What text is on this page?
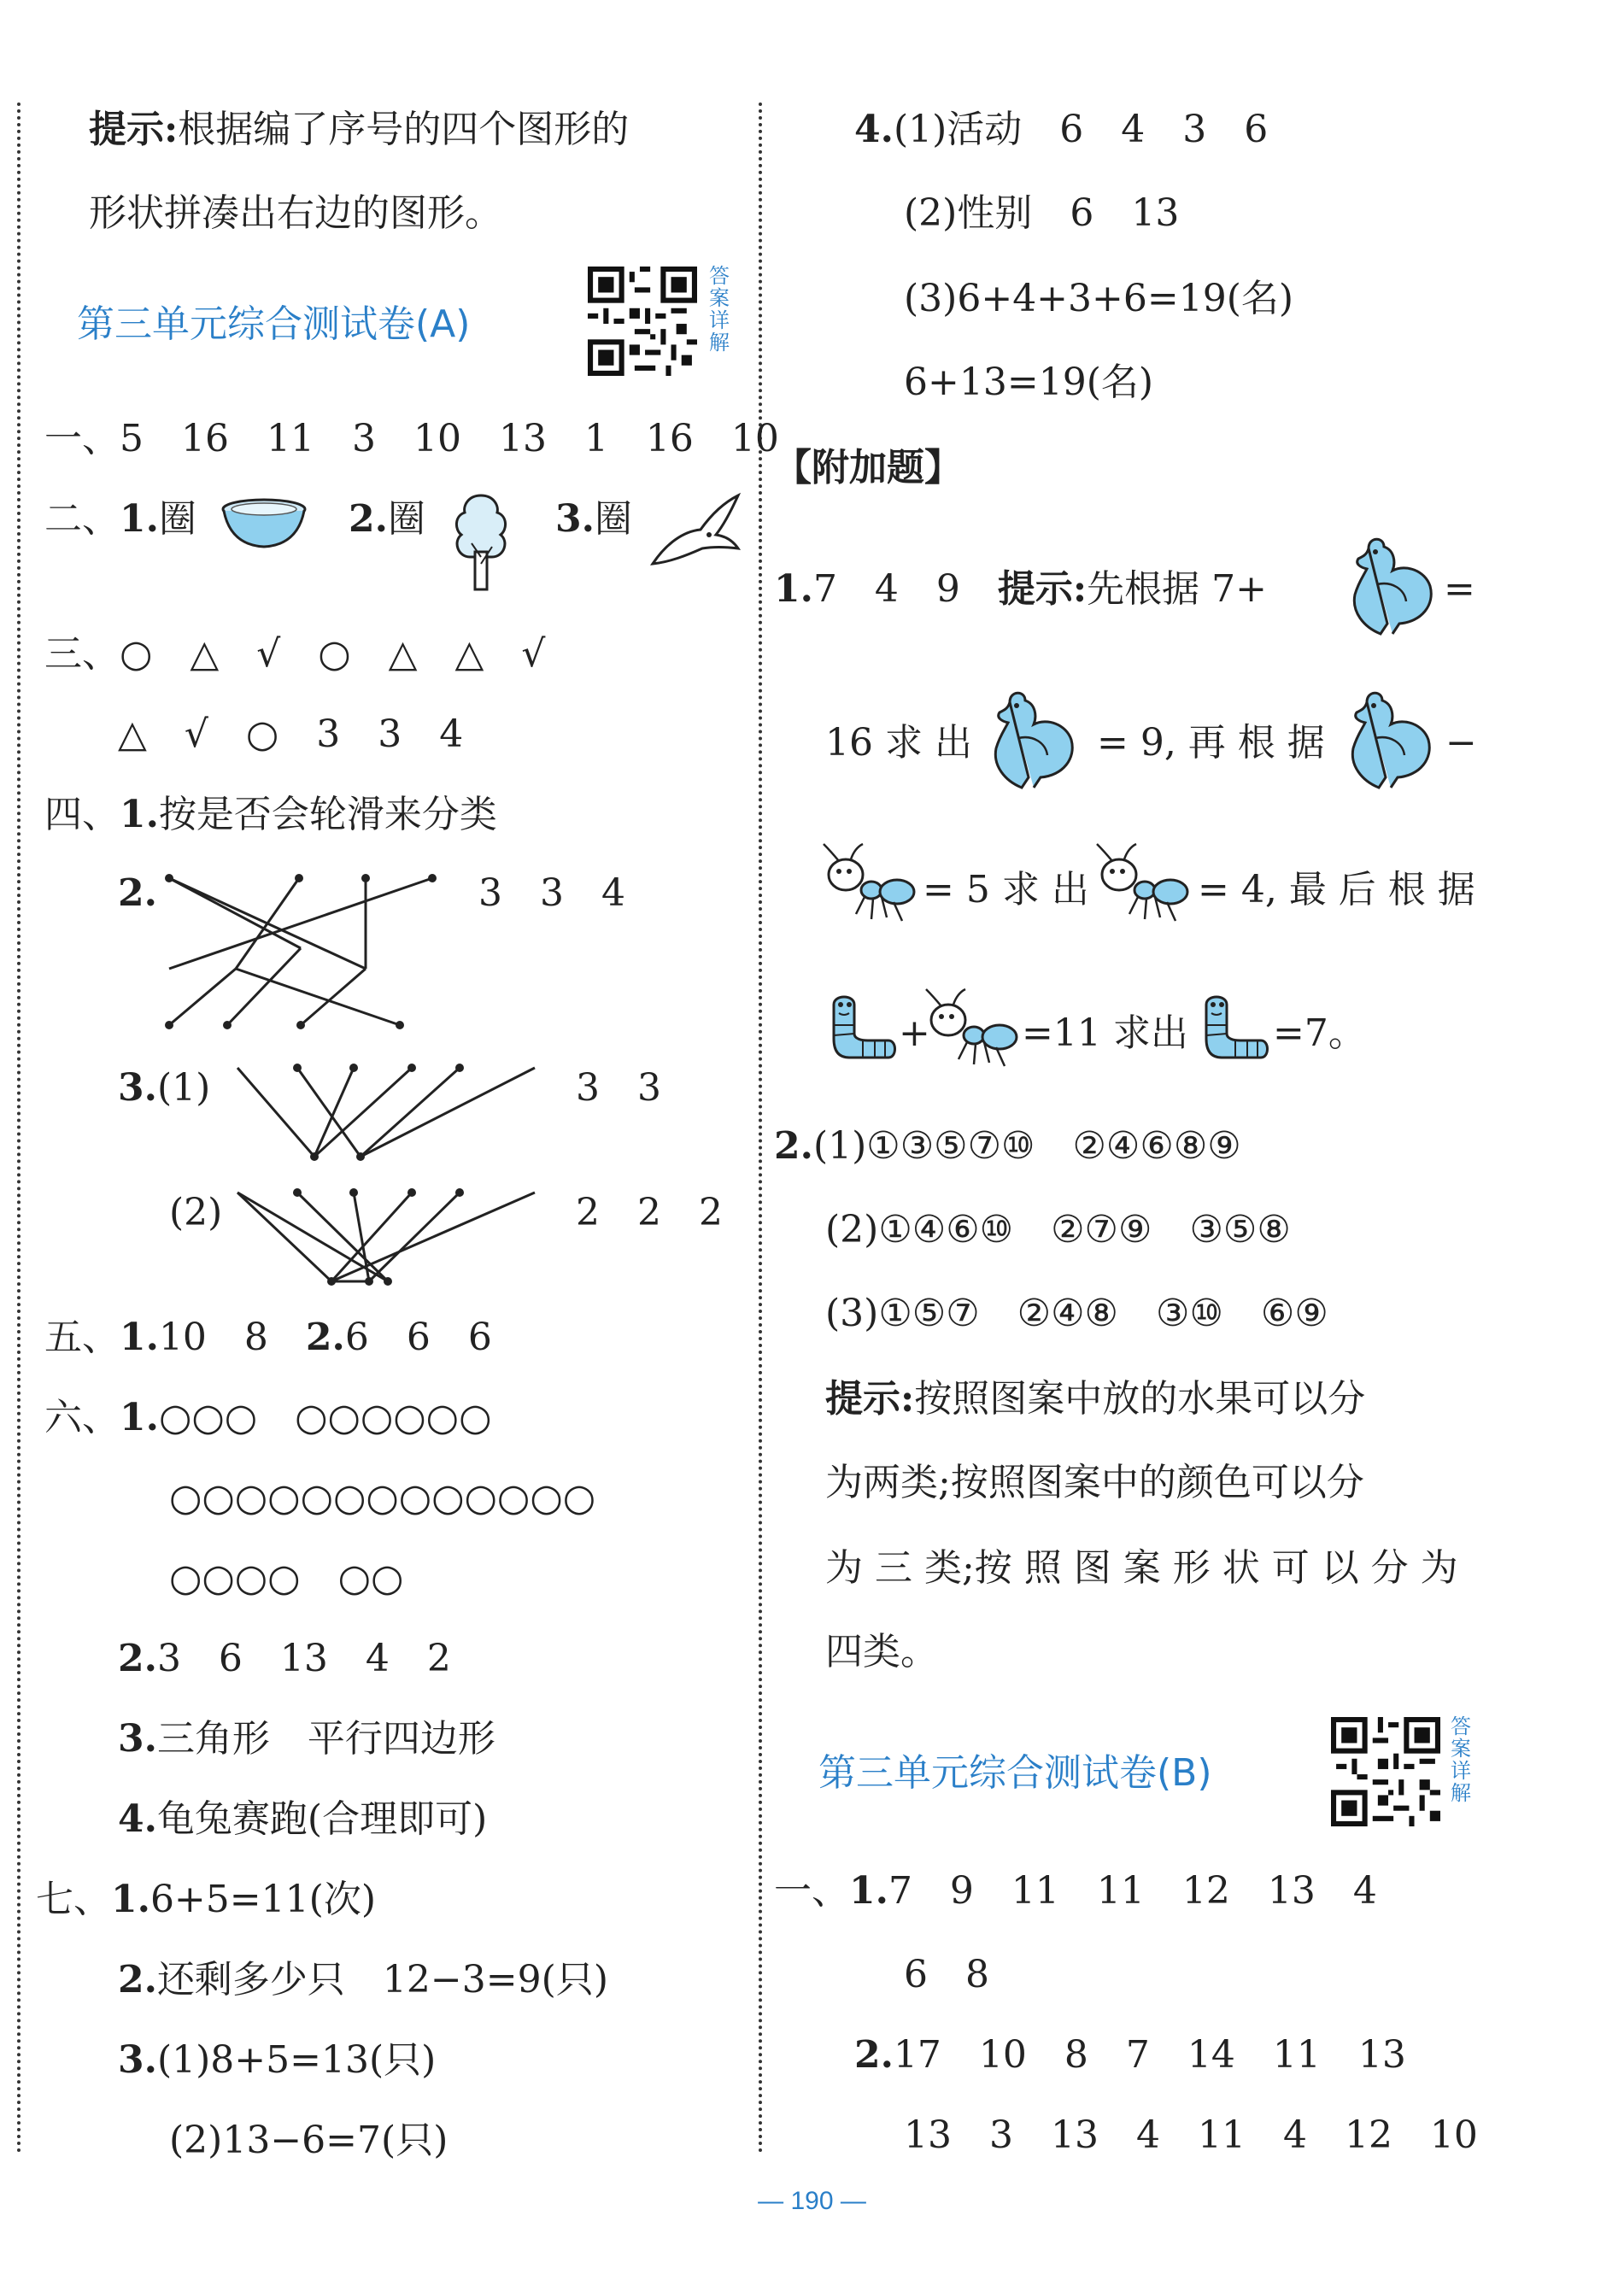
提示:根据编了序号的四个图形的
形状拼凑出右边的图形。
第三单元综合测试卷(A)
答案详解
一、5　16　11　3　10　13　1　16　10
二、1.圈	2.圈	3.圈
三、○　△　√　○　△　△　√
△　√　○　3　3　4
四、1.按是否会轮滑来分类
2.	3　3　4
3.(1)	3　3
(2)	2　2　2
五、1.10　8　 2.6　6　6
六、1.○○○　○○○○○○
○○○○○○○○○○○○○
○○○○　○○
2.3　6　13　4　2
3.三角形　平行四边形
4.龟兔赛跑(合理即可)
七、1.6+5=11(次)
2.还剩多少只　12−3=9(只)
3.(1)8+5=13(只)
(2)13−6=7(只)
4.(1)活动　6　4　3　6
(2)性别　6　13
(3)6+4+3+6=19(名)
6+13=19(名)
【附加题】
1.7　4　9　 提示:先根据 7+	=
16 求 出	= 9, 再 根 据	−
= 5 求 出	= 4, 最 后 根 据
+ =11 求出 =7。
2.(1)①③⑤⑦⑩　②④⑥⑧⑨
(2)①④⑥⑩　②⑦⑨　③⑤⑧
(3)①⑤⑦　②④⑧　③⑩　⑥⑨
提示:按照图案中放的水果可以分
为两类;按照图案中的颜色可以分
为 三 类;按 照 图 案 形 状 可 以 分 为
四类。
第三单元综合测试卷(B)
答案详解
一、1.7　9　11　11　12　13　4
6　8
2.17　10　8　7　14　11　13
13　3　13　4　11　4　12　10
— 190 —
